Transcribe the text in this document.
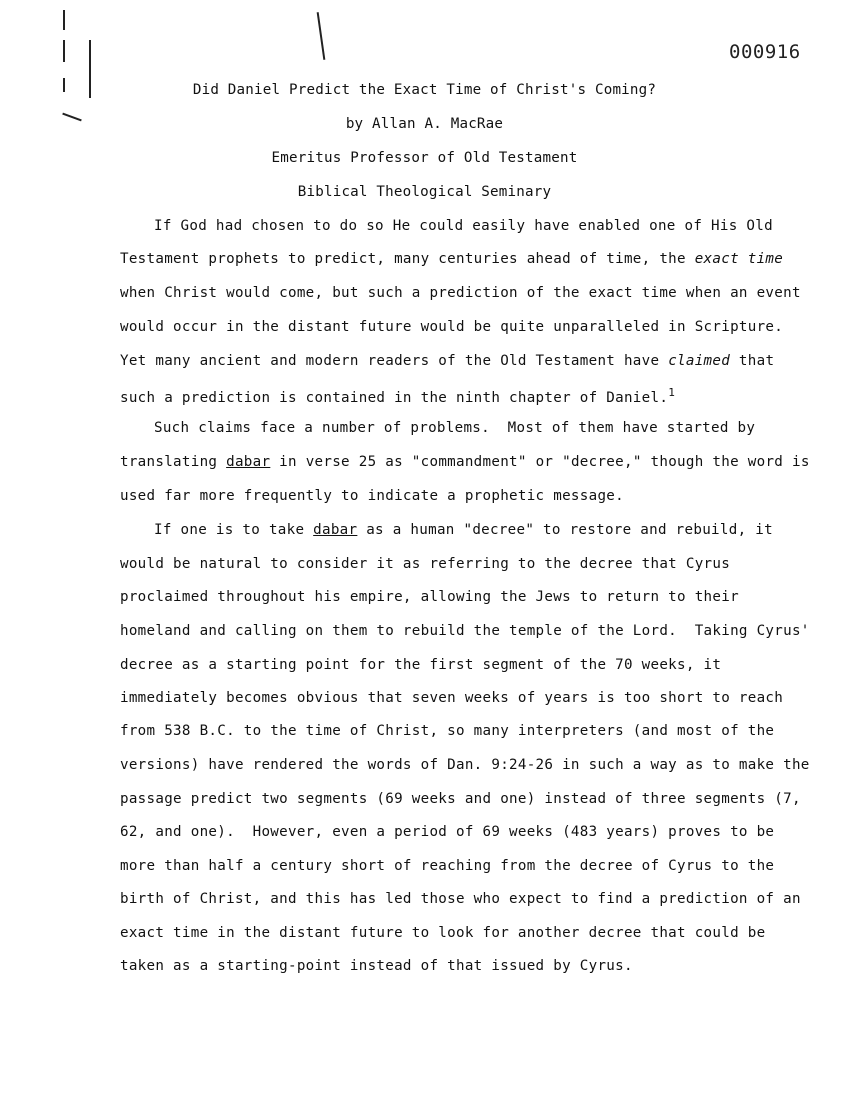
000916
Did Daniel Predict the Exact Time of Christ's Coming?
by Allan A. MacRae
Emeritus Professor of Old Testament
Biblical Theological Seminary
If God had chosen to do so He could easily have enabled one of His Old
Testament prophets to predict, many centuries ahead of time, the exact time
when Christ would come, but such a prediction of the exact time when an event
would occur in the distant future would be quite unparalleled in Scripture.
Yet many ancient and modern readers of the Old Testament have claimed that
such a prediction is contained in the ninth chapter of Daniel.$^1$
Such claims face a number of problems.  Most of them have started by
translating dabar in verse 25 as "commandment" or "decree," though the word is
used far more frequently to indicate a prophetic message.
If one is to take dabar as a human "decree" to restore and rebuild, it
would be natural to consider it as referring to the decree that Cyrus
proclaimed throughout his empire, allowing the Jews to return to their
homeland and calling on them to rebuild the temple of the Lord.  Taking Cyrus'
decree as a starting point for the first segment of the 70 weeks, it
immediately becomes obvious that seven weeks of years is too short to reach
from 538 B.C. to the time of Christ, so many interpreters (and most of the
versions) have rendered the words of Dan. 9:24-26 in such a way as to make the
passage predict two segments (69 weeks and one) instead of three segments (7,
62, and one).  However, even a period of 69 weeks (483 years) proves to be
more than half a century short of reaching from the decree of Cyrus to the
birth of Christ, and this has led those who expect to find a prediction of an
exact time in the distant future to look for another decree that could be
taken as a starting-point instead of that issued by Cyrus.
